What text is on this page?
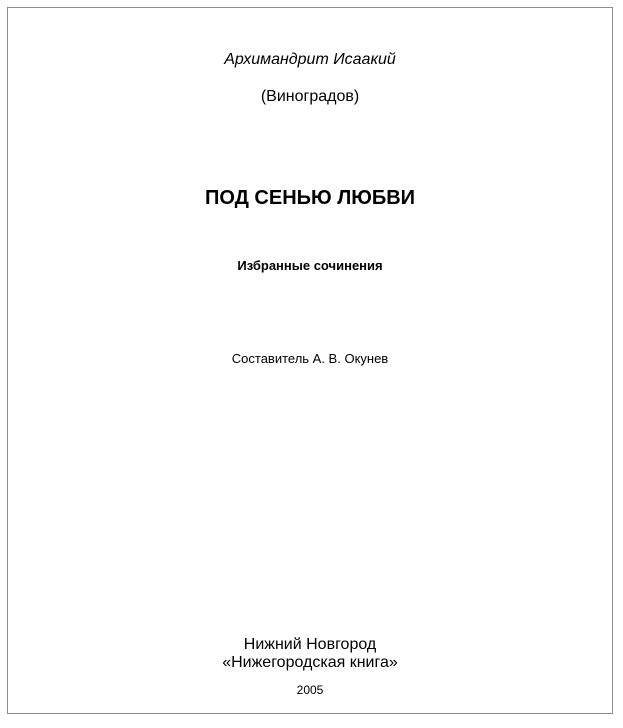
Архимандрит Исаакий
(Виноградов)
ПОД СЕНЬЮ ЛЮБВИ
Избранные сочинения
Составитель А. В. Окунев
Нижний Новгород
«Нижегородская книга»
2005
